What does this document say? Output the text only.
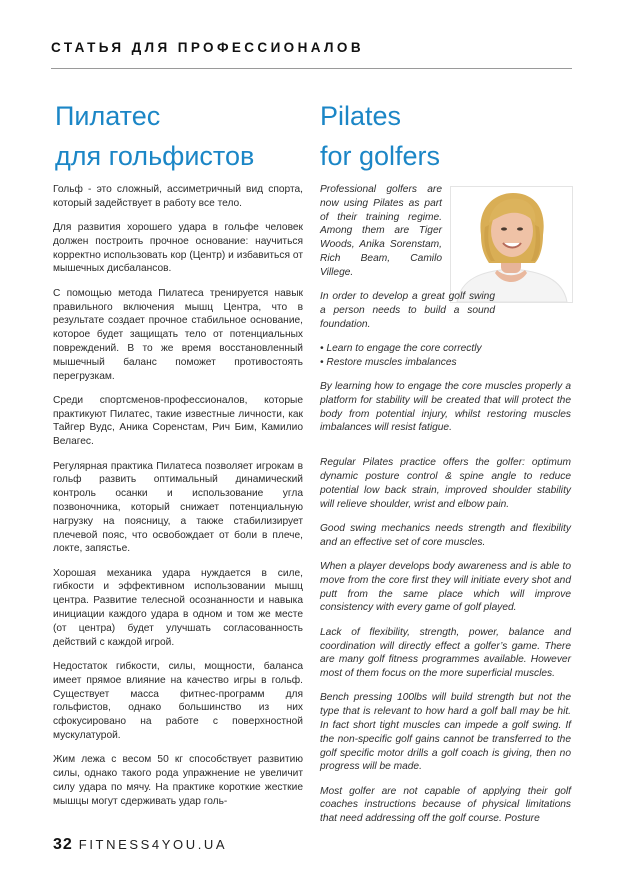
СТАТЬЯ ДЛЯ ПРОФЕССИОНАЛОВ
Пилатес
для гольфистов
Pilates
for golfers

Гольф - это сложный, ассиметричный вид спорта, который задействует в работу все тело.

Для развития хорошего удара в гольфе человек должен построить прочное основание: научиться корректно использовать кор (Центр) и избавиться от мышечных дисбалансов.

С помощью метода Пилатеса тренируется навык правильного включения мышц Центра, что в результате создает прочное стабильное основание, которое будет защищать тело от потенциальных повреждений. В то же время восстановленный мышечный баланс поможет противостоять перегрузкам.

Среди спортсменов-профессионалов, которые практикуют Пилатес, такие известные личности, как Тайгер Вудс, Аника Соренстам, Рич Бим, Камилио Велагес.

Регулярная практика Пилатеса позволяет игрокам в гольф развить оптимальный динамический контроль осанки и использование угла позвоночника, который снижает потенциальную нагрузку на поясницу, а также стабилизирует плечевой пояс, что освобождает от боли в плече, локте, запястье.

Хорошая механика удара нуждается в силе, гибкости и эффективном использовании мышц центра. Развитие телесной осознанности и навыка инициации каждого удара в одном и том же месте (от центра) будет улучшать согласованность действий с каждой игрой.

Недостаток гибкости, силы, мощности, баланса имеет прямое влияние на качество игры в гольф. Существует масса фитнес-программ для гольфистов, однако большинство из них сфокусировано на работе с поверхностной мускулатурой.

Жим лежа с весом 50 кг способствует развитию силы, однако такого рода упражнение не увеличит силу удара по мячу. На практике короткие жесткие мышцы могут сдерживать удар голь-

Professional golfers are now using Pilates as part of their training regime. Among them are Tiger Woods, Anika Sorenstam, Rich Beam, Camilo Villege.

In order to develop a great golf swing a person needs to build a sound foundation.

• Learn to engage the core correctly
• Restore muscles imbalances

By learning how to engage the core muscles properly a platform for stability will be created that will protect the body from potential injury, whilst restoring muscles imbalances will resist fatigue.

Regular Pilates practice offers the golfer: optimum dynamic posture control & spine angle to reduce potential low back strain, improved shoulder stability will relieve shoulder, wrist and elbow pain.

Good swing mechanics needs strength and flexibility and an effective set of core muscles.

When a player develops body awareness and is able to move from the core first they will initiate every shot and putt from the same place which will improve consistency with every game of golf played.

Lack of flexibility, strength, power, balance and coordination will directly effect a golfer’s game. There are many golf fitness programmes available. However most of them focus on the more superficial muscles.

Bench pressing 100lbs will build strength but not the type that is relevant to how hard a golf ball may be hit. In fact short tight muscles can impede a golf swing. If the non-specific golf gains cannot be transferred to the golf specific motor drills a golf coach is giving, then no progress will be made.

Most golfer are not capable of applying their golf coaches instructions because of physical limitations that need addressing off the golf course. Posture

32 FITNESS4YOU.UA
